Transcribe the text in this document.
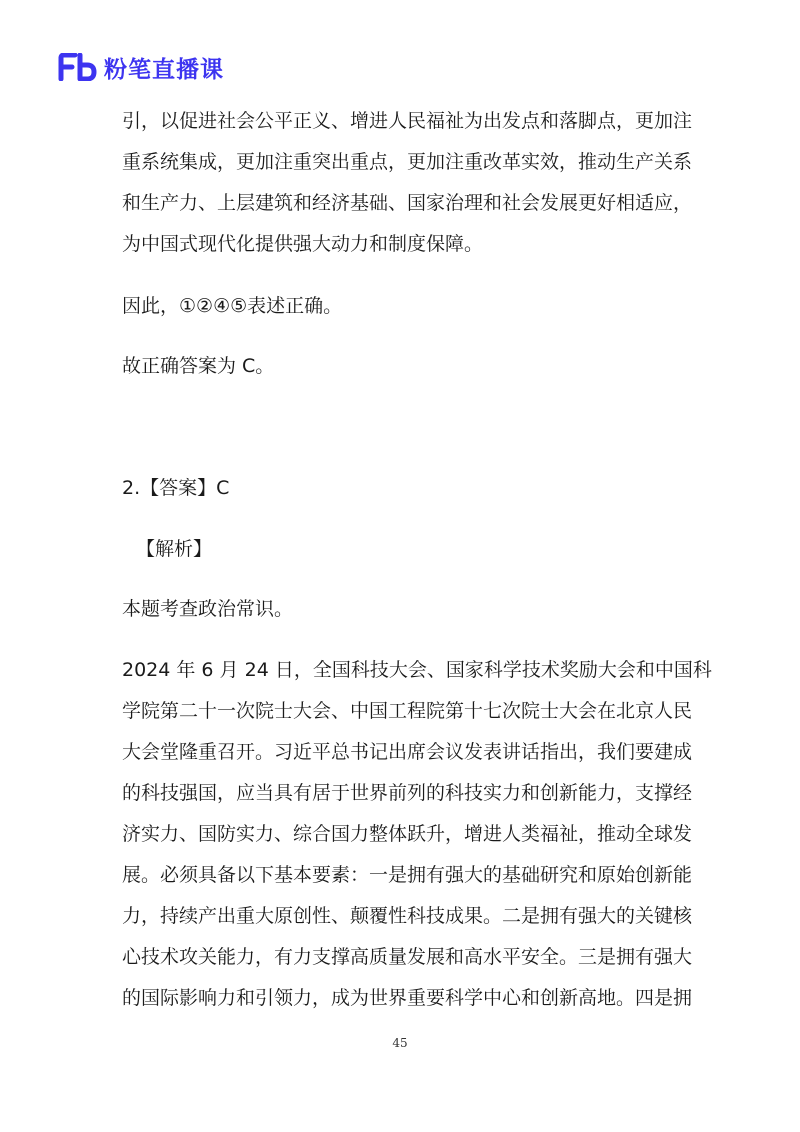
粉笔直播课
引，以促进社会公平正义、增进人民福祉为出发点和落脚点，更加注
重系统集成，更加注重突出重点，更加注重改革实效，推动生产关系
和生产力、上层建筑和经济基础、国家治理和社会发展更好相适应，
为中国式现代化提供强大动力和制度保障。
因此，①②④⑤表述正确。
故正确答案为 C。
2.【答案】C
【解析】
本题考查政治常识。
2024 年 6 月 24 日，全国科技大会、国家科学技术奖励大会和中国科
学院第二十一次院士大会、中国工程院第十七次院士大会在北京人民
大会堂隆重召开。习近平总书记出席会议发表讲话指出，我们要建成
的科技强国，应当具有居于世界前列的科技实力和创新能力，支撑经
济实力、国防实力、综合国力整体跃升，增进人类福祉，推动全球发
展。必须具备以下基本要素：一是拥有强大的基础研究和原始创新能
力，持续产出重大原创性、颠覆性科技成果。二是拥有强大的关键核
心技术攻关能力，有力支撑高质量发展和高水平安全。三是拥有强大
的国际影响力和引领力，成为世界重要科学中心和创新高地。四是拥
45
